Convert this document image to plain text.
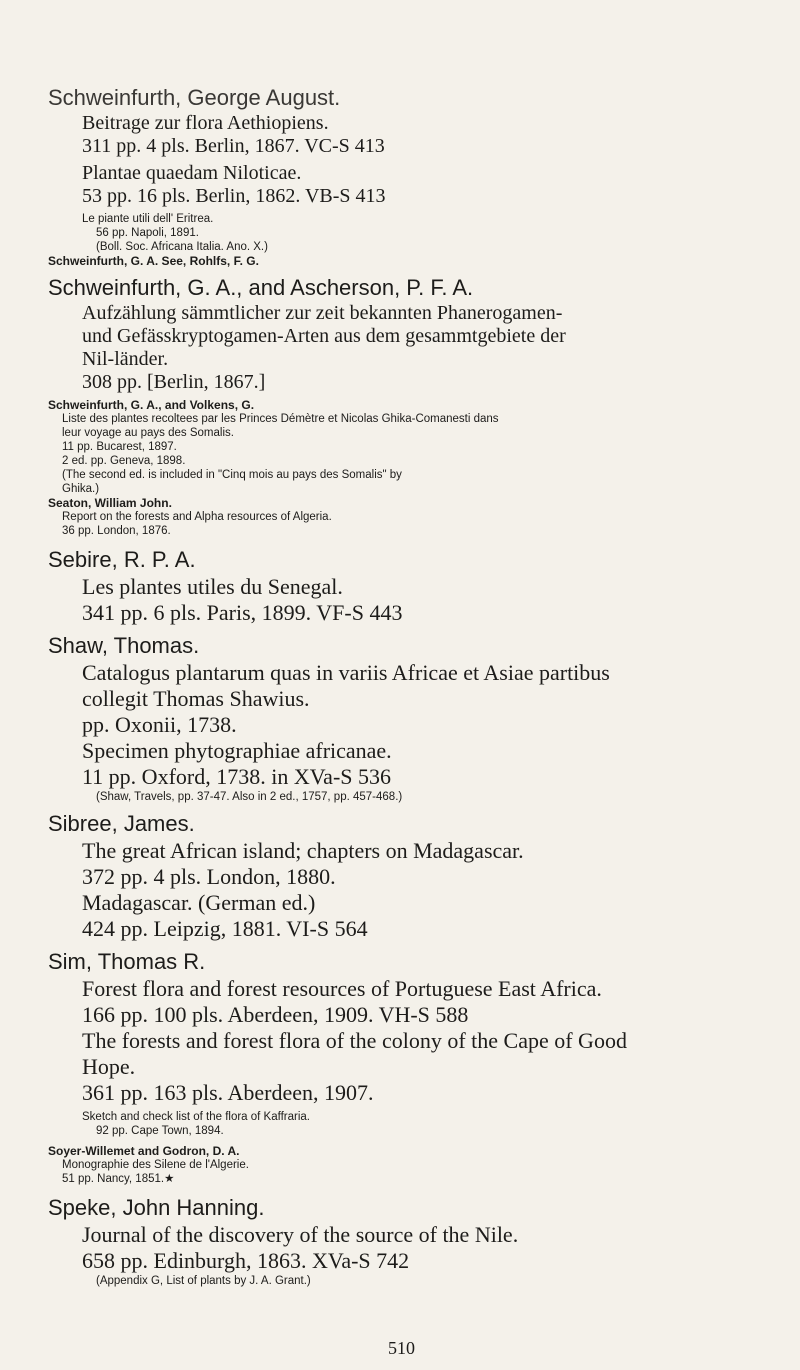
Schweinfurth, George August.

Beitrage zur flora Aethiopiens.

311 pp. 4 pls. Berlin, 1867. VC-S 413

Plantae quaedam Niloticae.

53 pp. 16 pls. Berlin, 1862. VB-S 413

Le piante utili dell' Eritrea.

56 pp. Napoli, 1891.

(Boll. Soc. Africana Italia. Ano. X.)

Schweinfurth, G. A. See, Rohlfs, F. G.

Schweinfurth, G. A., and Ascherson, P. F. A.

Aufzählung sämmtlicher zur zeit bekannten Phanerogamen-

und Gefässkryptogamen-Arten aus dem gesammtgebiete der

Nil-länder.

308 pp. [Berlin, 1867.]

Schweinfurth, G. A., and Volkens, G.

Liste des plantes recoltees par les Princes Démètre et Nicolas Ghika-Comanesti dans

leur voyage au pays des Somalis.

11 pp. Bucarest, 1897.

2 ed. pp. Geneva, 1898.

(The second ed. is included in "Cinq mois au pays des Somalis" by

Ghika.)

Seaton, William John.

Report on the forests and Alpha resources of Algeria.

36 pp. London, 1876.

Sebire, R. P. A.

Les plantes utiles du Senegal.

341 pp. 6 pls. Paris, 1899. VF-S 443

Shaw, Thomas.

Catalogus plantarum quas in variis Africae et Asiae partibus

collegit Thomas Shawius.

pp. Oxonii, 1738.

Specimen phytographiae africanae.

11 pp. Oxford, 1738. in XVa-S 536

(Shaw, Travels, pp. 37-47. Also in 2 ed., 1757, pp. 457-468.)

Sibree, James.

The great African island; chapters on Madagascar.

372 pp. 4 pls. London, 1880.

Madagascar. (German ed.)

424 pp. Leipzig, 1881. VI-S 564

Sim, Thomas R.

Forest flora and forest resources of Portuguese East Africa.

166 pp. 100 pls. Aberdeen, 1909. VH-S 588

The forests and forest flora of the colony of the Cape of Good

Hope.

361 pp. 163 pls. Aberdeen, 1907.

Sketch and check list of the flora of Kaffraria.

92 pp. Cape Town, 1894.

Soyer-Willemet and Godron, D. A.

Monographie des Silene de l'Algerie.

51 pp. Nancy, 1851.★

Speke, John Hanning.

Journal of the discovery of the source of the Nile.

658 pp. Edinburgh, 1863. XVa-S 742

(Appendix G, List of plants by J. A. Grant.)

510
